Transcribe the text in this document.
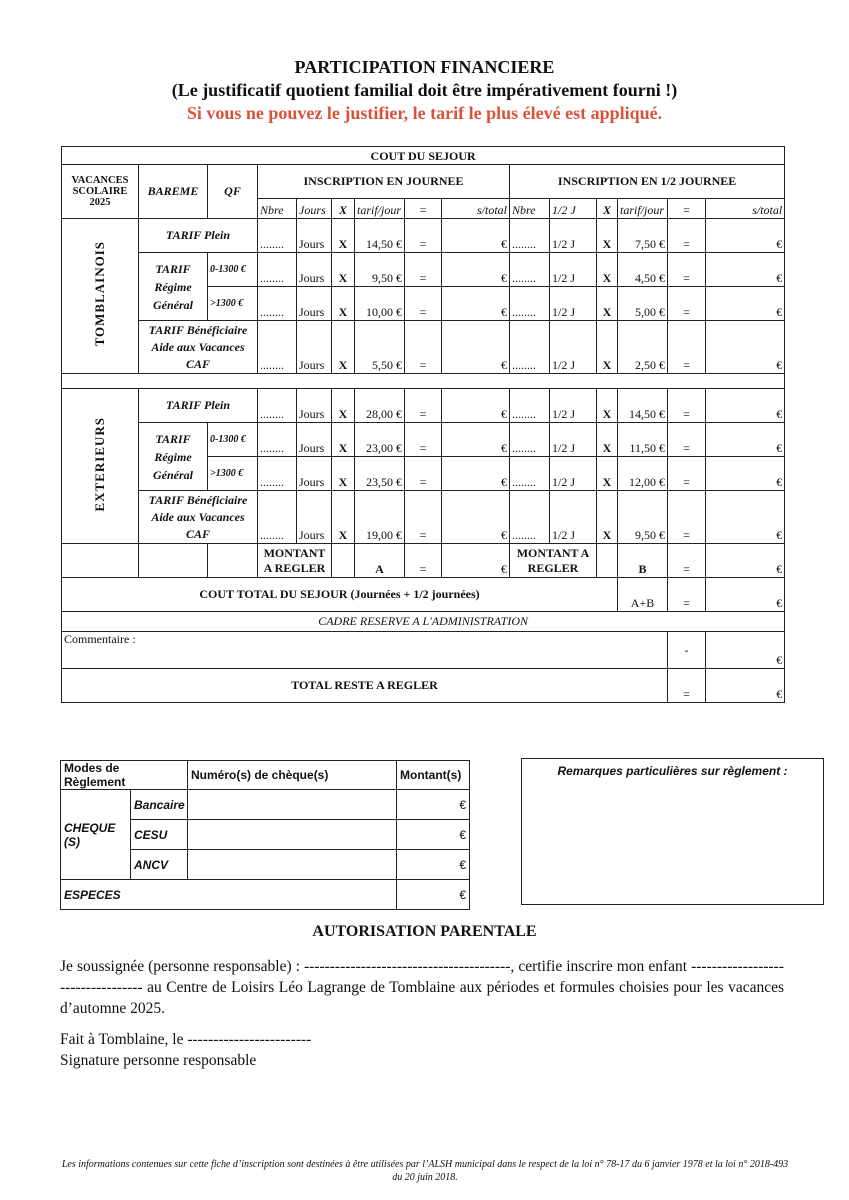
PARTICIPATION FINANCIERE
(Le justificatif quotient familial doit être impérativement fourni !)
Si vous ne pouvez le justifier, le tarif le plus élevé est appliqué.
COUT DU SEJOUR														
VACANCES SCOLAIRE 2025	BAREME	QF	INSCRIPTION EN JOURNEE						INSCRIPTION EN 1/2 JOURNEE					
			Nbre	Jours	X	tarif/jour	=	s/total	Nbre	1/2 J	X	tarif/jour	=	s/total
TOMBLAINOIS	TARIF Plein		........	Jours	X	14,50 €	=	€	........	1/2 J	X	7,50 €	=	€
	TARIF Régime Général	0-1300 €	........	Jours	X	9,50 €	=	€	........	1/2 J	X	4,50 €	=	€
		>1300 €	........	Jours	X	10,00 €	=	€	........	1/2 J	X	5,00 €	=	€
	TARIF Bénéficiaire Aide aux Vacances CAF		........	Jours	X	5,50 €	=	€	........	1/2 J	X	2,50 €	=	€

EXTERIEURS	TARIF Plein		........	Jours	X	28,00 €	=	€	........	1/2 J	X	14,50 €	=	€
	TARIF Régime Général	0-1300 €	........	Jours	X	23,00 €	=	€	........	1/2 J	X	11,50 €	=	€
		>1300 €	........	Jours	X	23,50 €	=	€	........	1/2 J	X	12,00 €	=	€
	TARIF Bénéficiaire Aide aux Vacances CAF		........	Jours	X	19,00 €	=	€	........	1/2 J	X	9,50 €	=	€
			MONTANT A REGLER			A	=	€	MONTANT A REGLER			B	=	€
COUT TOTAL DU SEJOUR (Journées + 1/2 journées)												A+B	=	€
CADRE RESERVE A L'ADMINISTRATION														
Commentaire :													-	€
TOTAL RESTE A REGLER													=	€
Modes de Règlement		Numéro(s) de chèque(s)	Montant(s)
CHEQUE (S)	Bancaire		€
	CESU		€
	ANCV		€
ESPECES			€
Remarques particulières sur règlement :
AUTORISATION PARENTALE
Je soussignée (personne responsable) : ----------------------------------------, certifie inscrire mon enfant ---------------------------------- au Centre de Loisirs Léo Lagrange de Tomblaine aux périodes et formules choisies pour les vacances d’automne 2025.
Fait à Tomblaine, le ------------------------
Signature personne responsable
Les informations contenues sur cette fiche d’inscription sont destinées à être utilisées par l’ALSH municipal dans le respect de la loi n° 78-17 du 6 janvier 1978 et la loi n° 2018-493 du 20 juin 2018.
